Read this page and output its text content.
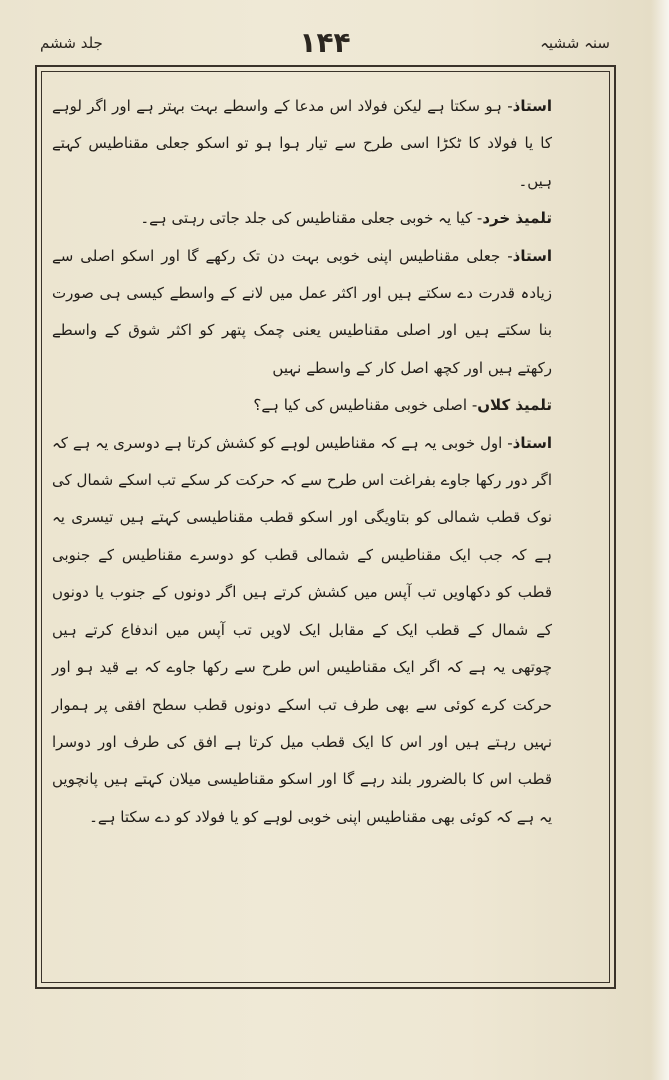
سنہ ششیہ
۱۴۴
جلد ششم

استاذ- ہو سکتا ہے لیکن فولاد اس مدعا کے واسطے بہت بہتر ہے اور اگر لوہے کا یا فولاد کا ٹکڑا اسی طرح سے تیار ہوا ہو تو اسکو جعلی مقناطیس کہتے ہیں۔

تلمیذ خرد- کیا یہ خوبی جعلی مقناطیس کی جلد جاتی رہتی ہے۔

استاذ- جعلی مقناطیس اپنی خوبی بہت دن تک رکھے گا اور اسکو اصلی سے زیادہ قدرت دے سکتے ہیں اور اکثر عمل میں لانے کے واسطے کیسی ہی صورت بنا سکتے ہیں اور اصلی مقناطیس یعنی چمک پتھر کو اکثر شوق کے واسطے رکھتے ہیں اور کچھ اصل کار کے واسطے نہیں

تلمیذ کلاں- اصلی خوبی مقناطیس کی کیا ہے؟

استاذ- اول خوبی یہ ہے کہ مقناطیس لوہے کو کشش کرتا ہے دوسری یہ ہے کہ اگر دور رکھا جاوے بفراغت اس طرح سے کہ حرکت کر سکے تب اسکے شمال کی نوک قطب شمالی کو بتاویگی اور اسکو قطب مقناطیسی کہتے ہیں تیسری یہ ہے کہ جب ایک مقناطیس کے شمالی قطب کو دوسرے مقناطیس کے جنوبی قطب کو دکھاویں تب آپس میں کشش کرتے ہیں اگر دونوں کے جنوب یا دونوں کے شمال کے قطب ایک کے مقابل ایک لاویں تب آپس میں اندفاع کرتے ہیں چوتھی یہ ہے کہ اگر ایک مقناطیس اس طرح سے رکھا جاوے کہ بے قید ہو اور حرکت کرے کوئی سے بھی طرف تب اسکے دونوں قطب سطح افقی پر ہموار نہیں رہتے ہیں اور اس کا ایک قطب میل کرتا ہے افق کی طرف اور دوسرا قطب اس کا بالضرور بلند رہے گا اور اسکو مقناطیسی میلان کہتے ہیں پانچویں یہ ہے کہ کوئی بھی مقناطیس اپنی خوبی لوہے کو یا فولاد کو دے سکتا ہے۔
